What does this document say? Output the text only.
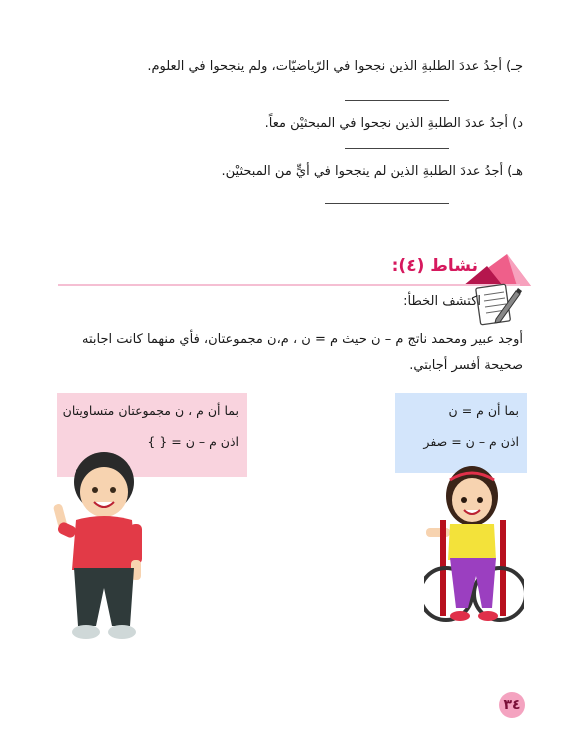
جـ) أجدُ عددَ الطلبةِ الذين نجحوا في الرّياضيّات، ولم ينجحوا في العلوم.
د) أجدُ عددَ الطلبةِ الذين نجحوا في المبحثيْن معاً.
هـ) أجدُ عددَ الطلبةِ الذين لم ينجحوا في أيٍّ من المبحثيْن.
نشاط (٤):
اكتشف الخطأ:
أوجد عبير ومحمد ناتج م – ن حيث م = ن ، م،ن مجموعتان، فأي منهما كانت اجابته صحيحة أفسر أجابتي.
بما أن م ، ن مجموعتان متساويتان
اذن م – ن = { }
بما أن م = ن
اذن م – ن = صفر
٣٤
